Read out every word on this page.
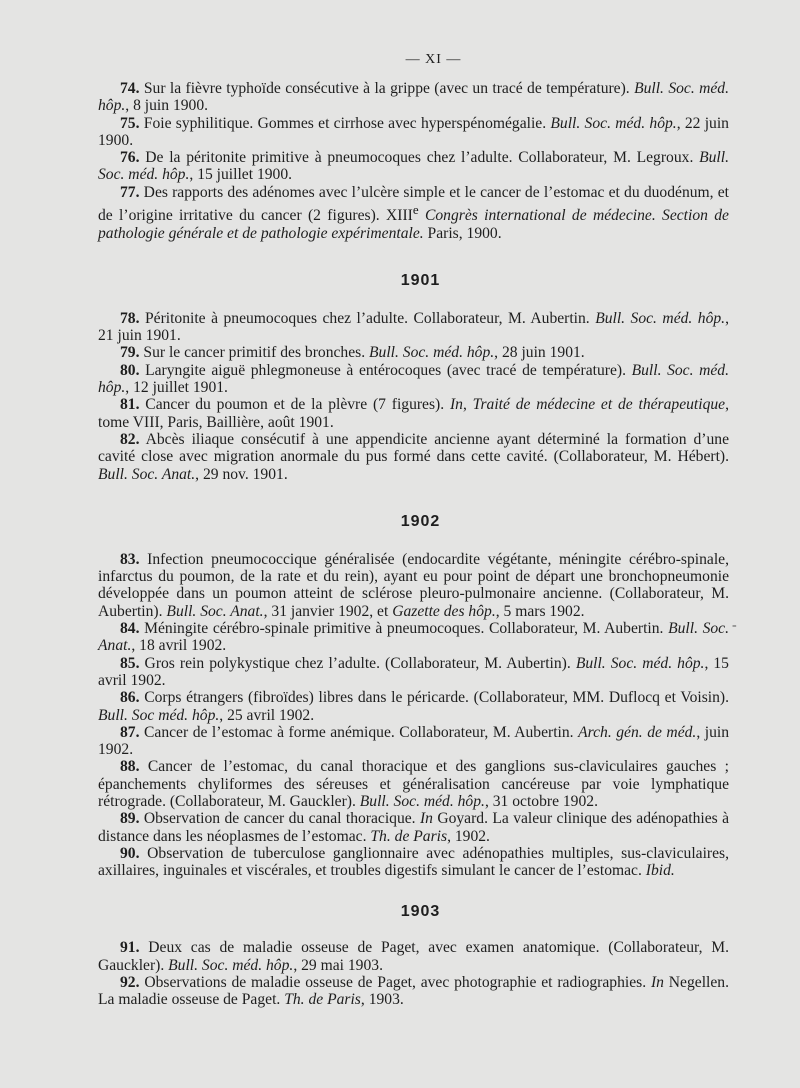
— XI —

74. Sur la fièvre typhoïde consécutive à la grippe (avec un tracé de température). Bull. Soc. méd. hôp., 8 juin 1900.

75. Foie syphilitique. Gommes et cirrhose avec hyperspénomégalie. Bull. Soc. méd. hôp., 22 juin 1900.

76. De la péritonite primitive à pneumocoques chez l’adulte. Collaborateur, M. Legroux. Bull. Soc. méd. hôp., 15 juillet 1900.

77. Des rapports des adénomes avec l’ulcère simple et le cancer de l’estomac et du duodénum, et de l’origine irritative du cancer (2 figures). XIIIe Congrès international de médecine. Section de pathologie générale et de pathologie expérimentale. Paris, 1900.

1901

78. Péritonite à pneumocoques chez l’adulte. Collaborateur, M. Aubertin. Bull. Soc. méd. hôp., 21 juin 1901.

79. Sur le cancer primitif des bronches. Bull. Soc. méd. hôp., 28 juin 1901.

80. Laryngite aiguë phlegmoneuse à entérocoques (avec tracé de température). Bull. Soc. méd. hôp., 12 juillet 1901.

81. Cancer du poumon et de la plèvre (7 figures). In, Traité de médecine et de thérapeutique, tome VIII, Paris, Baillière, août 1901.

82. Abcès iliaque consécutif à une appendicite ancienne ayant déterminé la formation d’une cavité close avec migration anormale du pus formé dans cette cavité. (Collaborateur, M. Hébert). Bull. Soc. Anat., 29 nov. 1901.

1902

83. Infection pneumococcique généralisée (endocardite végétante, méningite cérébro-spinale, infarctus du poumon, de la rate et du rein), ayant eu pour point de départ une bronchopneumonie développée dans un poumon atteint de sclérose pleuro-pulmonaire ancienne. (Collaborateur, M. Aubertin). Bull. Soc. Anat., 31 janvier 1902, et Gazette des hôp., 5 mars 1902.

84. Méningite cérébro-spinale primitive à pneumocoques. Collaborateur, M. Aubertin. Bull. Soc. Anat., 18 avril 1902.

85. Gros rein polykystique chez l’adulte. (Collaborateur, M. Aubertin). Bull. Soc. méd. hôp., 15 avril 1902.

86. Corps étrangers (fibroïdes) libres dans le péricarde. (Collaborateur, MM. Duflocq et Voisin). Bull. Soc méd. hôp., 25 avril 1902.

87. Cancer de l’estomac à forme anémique. Collaborateur, M. Aubertin. Arch. gén. de méd., juin 1902.

88. Cancer de l’estomac, du canal thoracique et des ganglions sus-claviculaires gauches ; épanchements chyliformes des séreuses et généralisation cancéreuse par voie lymphatique rétrograde. (Collaborateur, M. Gauckler). Bull. Soc. méd. hôp., 31 octobre 1902.

89. Observation de cancer du canal thoracique. In Goyard. La valeur clinique des adénopathies à distance dans les néoplasmes de l’estomac. Th. de Paris, 1902.

90. Observation de tuberculose ganglionnaire avec adénopathies multiples, sus-claviculaires, axillaires, inguinales et viscérales, et troubles digestifs simulant le cancer de l’estomac. Ibid.

1903

91. Deux cas de maladie osseuse de Paget, avec examen anatomique. (Collaborateur, M. Gauckler). Bull. Soc. méd. hôp., 29 mai 1903.

92. Observations de maladie osseuse de Paget, avec photographie et radiographies. In Negellen. La maladie osseuse de Paget. Th. de Paris, 1903.

-
